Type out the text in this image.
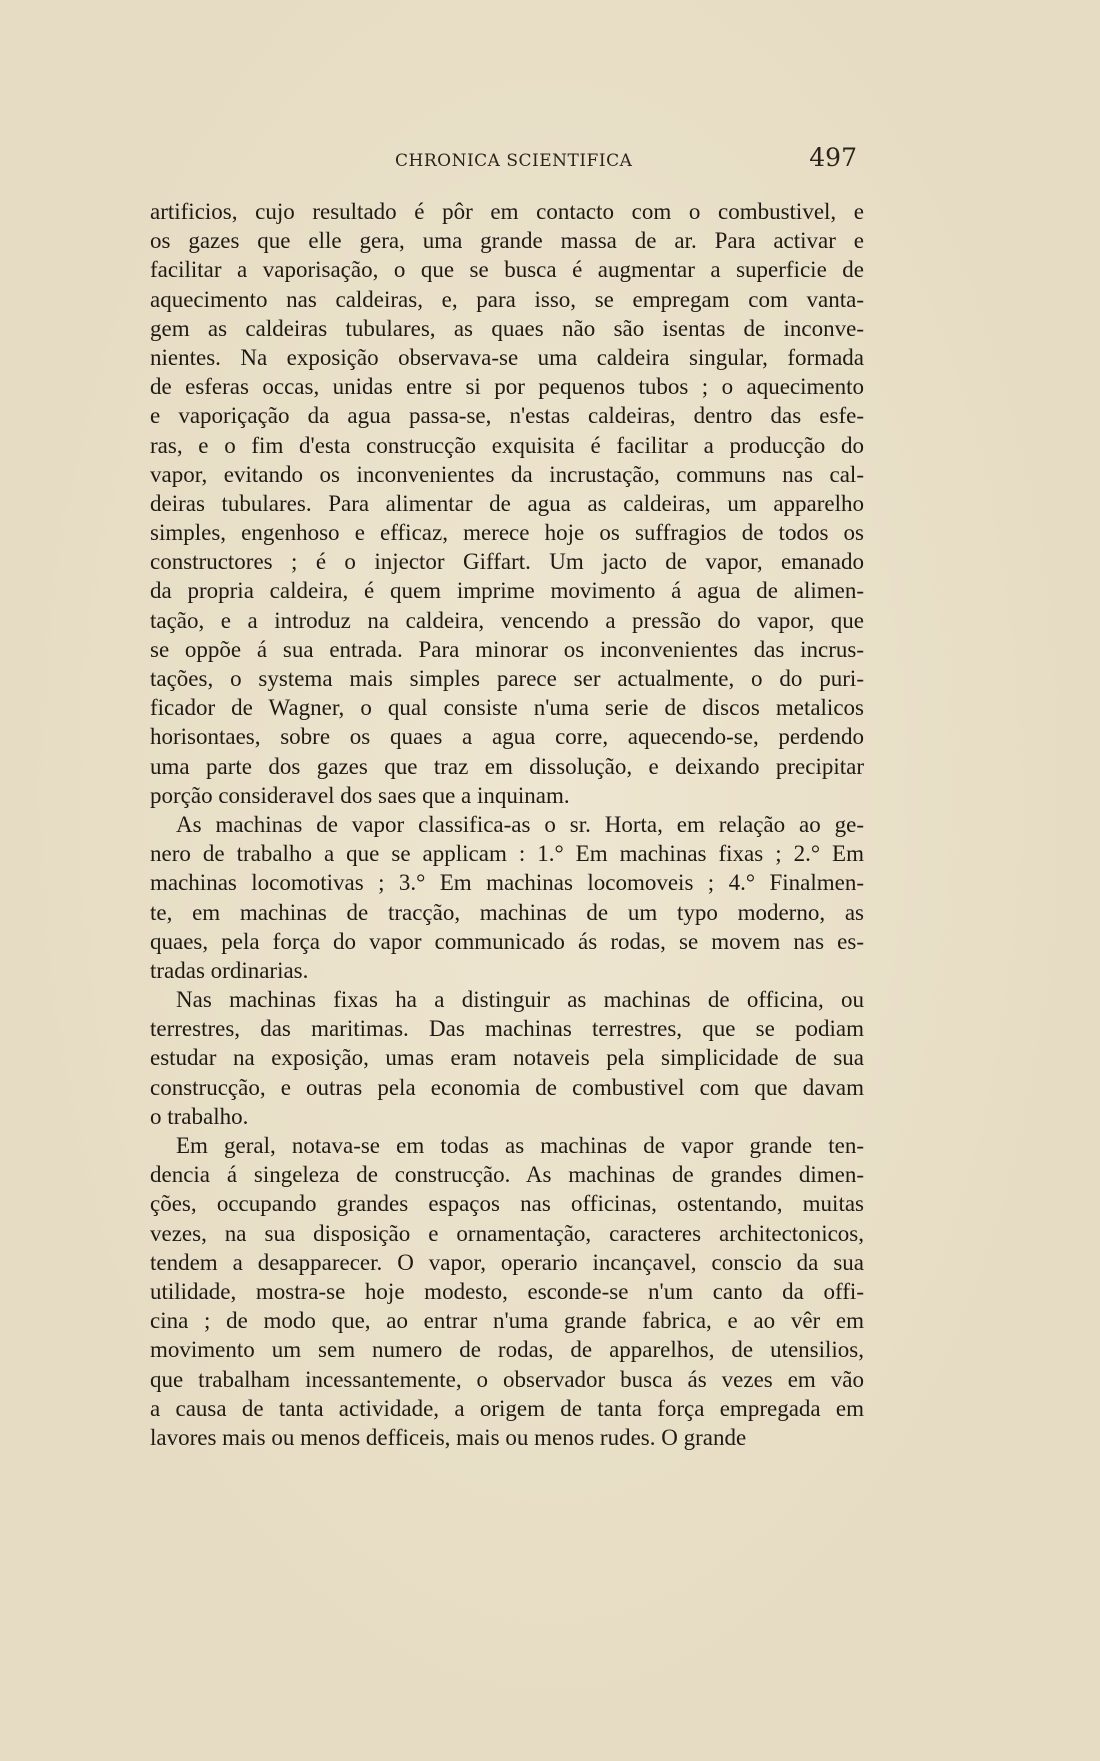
CHRONICA SCIENTIFICA	497
artificios, cujo resultado é pôr em contacto com o combustivel, e
os gazes que elle gera, uma grande massa de ar. Para activar e
facilitar a vaporisação, o que se busca é augmentar a superficie de
aquecimento nas caldeiras, e, para isso, se empregam com vanta-
gem as caldeiras tubulares, as quaes não são isentas de inconve-
nientes. Na exposição observava-se uma caldeira singular, formada
de esferas occas, unidas entre si por pequenos tubos ; o aquecimento
e vaporiçação da agua passa-se, n'estas caldeiras, dentro das esfe-
ras, e o fim d'esta construcção exquisita é facilitar a producção do
vapor, evitando os inconvenientes da incrustação, communs nas cal-
deiras tubulares. Para alimentar de agua as caldeiras, um apparelho
simples, engenhoso e efficaz, merece hoje os suffragios de todos os
constructores ; é o injector Giffart. Um jacto de vapor, emanado
da propria caldeira, é quem imprime movimento á agua de alimen-
tação, e a introduz na caldeira, vencendo a pressão do vapor, que
se oppõe á sua entrada. Para minorar os inconvenientes das incrus-
tações, o systema mais simples parece ser actualmente, o do puri-
ficador de Wagner, o qual consiste n'uma serie de discos metalicos
horisontaes, sobre os quaes a agua corre, aquecendo-se, perdendo
uma parte dos gazes que traz em dissolução, e deixando precipitar
porção consideravel dos saes que a inquinam.
As machinas de vapor classifica-as o sr. Horta, em relação ao ge-
nero de trabalho a que se applicam : 1.° Em machinas fixas ; 2.° Em
machinas locomotivas ; 3.° Em machinas locomoveis ; 4.° Finalmen-
te, em machinas de tracção, machinas de um typo moderno, as
quaes, pela força do vapor communicado ás rodas, se movem nas es-
tradas ordinarias.
Nas machinas fixas ha a distinguir as machinas de officina, ou
terrestres, das maritimas. Das machinas terrestres, que se podiam
estudar na exposição, umas eram notaveis pela simplicidade de sua
construcção, e outras pela economia de combustivel com que davam
o trabalho.
Em geral, notava-se em todas as machinas de vapor grande ten-
dencia á singeleza de construcção. As machinas de grandes dimen-
ções, occupando grandes espaços nas officinas, ostentando, muitas
vezes, na sua disposição e ornamentação, caracteres architectonicos,
tendem a desapparecer. O vapor, operario incançavel, conscio da sua
utilidade, mostra-se hoje modesto, esconde-se n'um canto da offi-
cina ; de modo que, ao entrar n'uma grande fabrica, e ao vêr em
movimento um sem numero de rodas, de apparelhos, de utensilios,
que trabalham incessantemente, o observador busca ás vezes em vão
a causa de tanta actividade, a origem de tanta força empregada em
lavores mais ou menos defficeis, mais ou menos rudes. O grande
